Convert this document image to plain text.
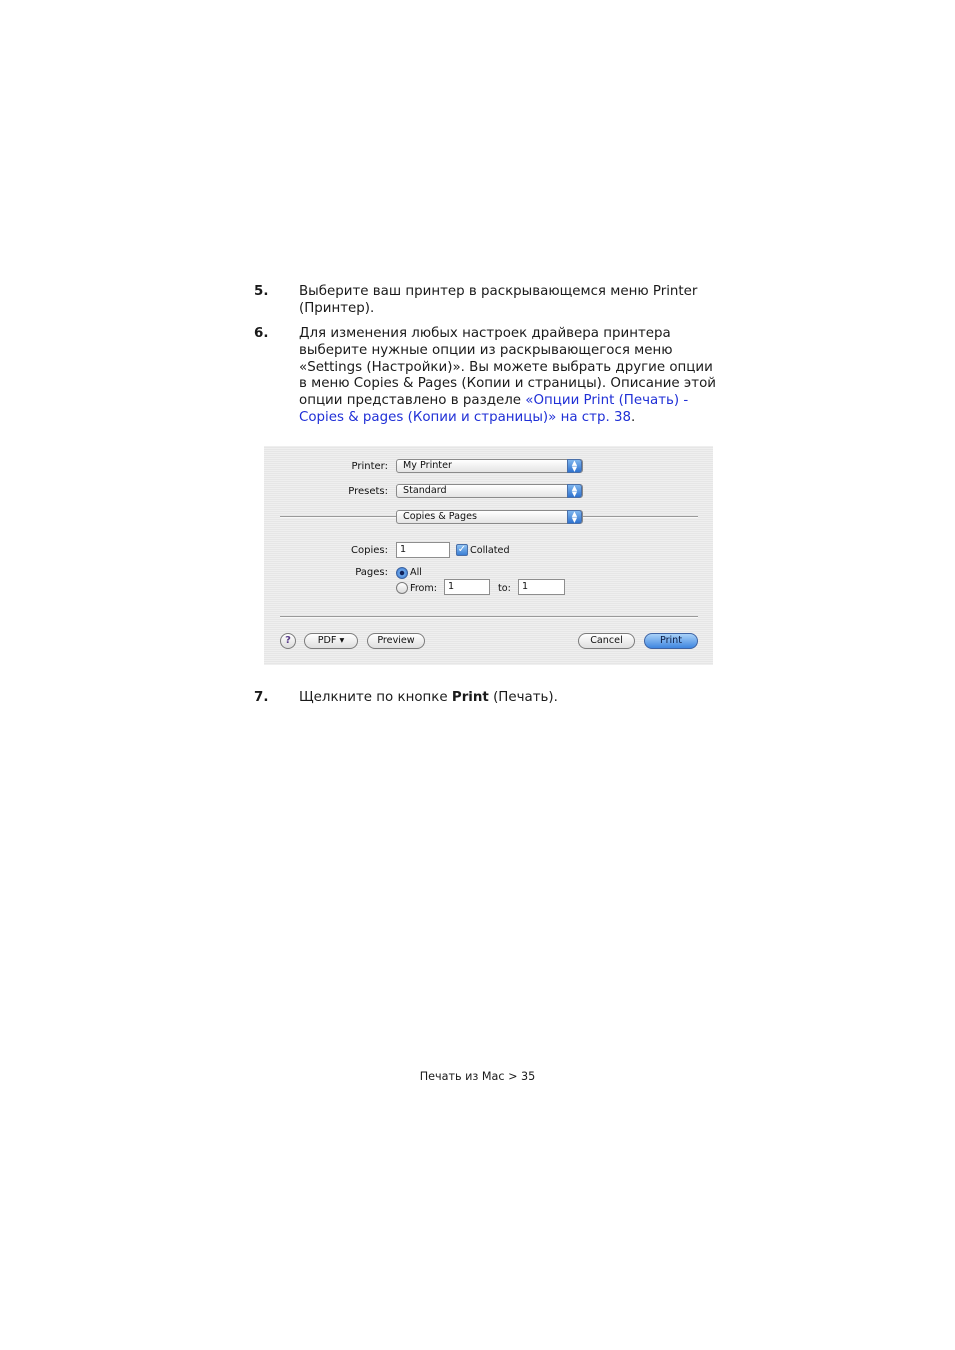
5. Выберите ваш принтер в раскрывающемся меню Printer (Принтер).
6. Для изменения любых настроек драйвера принтера выберите нужные опции из раскрывающегося меню «Settings (Настройки)». Вы можете выбрать другие опции в меню Copies & Pages (Копии и страницы). Описание этой опции представлено в разделе «Опции Print (Печать) - Copies & pages (Копии и страницы)» на стр. 38.
Printer: My Printer	▲
▼
Presets: Standard	▲
▼
Copies & Pages	▲
▼
Copies:	1	✓ Collated
Pages: All
From:	1	to:	1
?	PDF ▾	Preview	Cancel	Print
7. Щелкните по кнопке Print (Печать).
Печать из Mac > 35
